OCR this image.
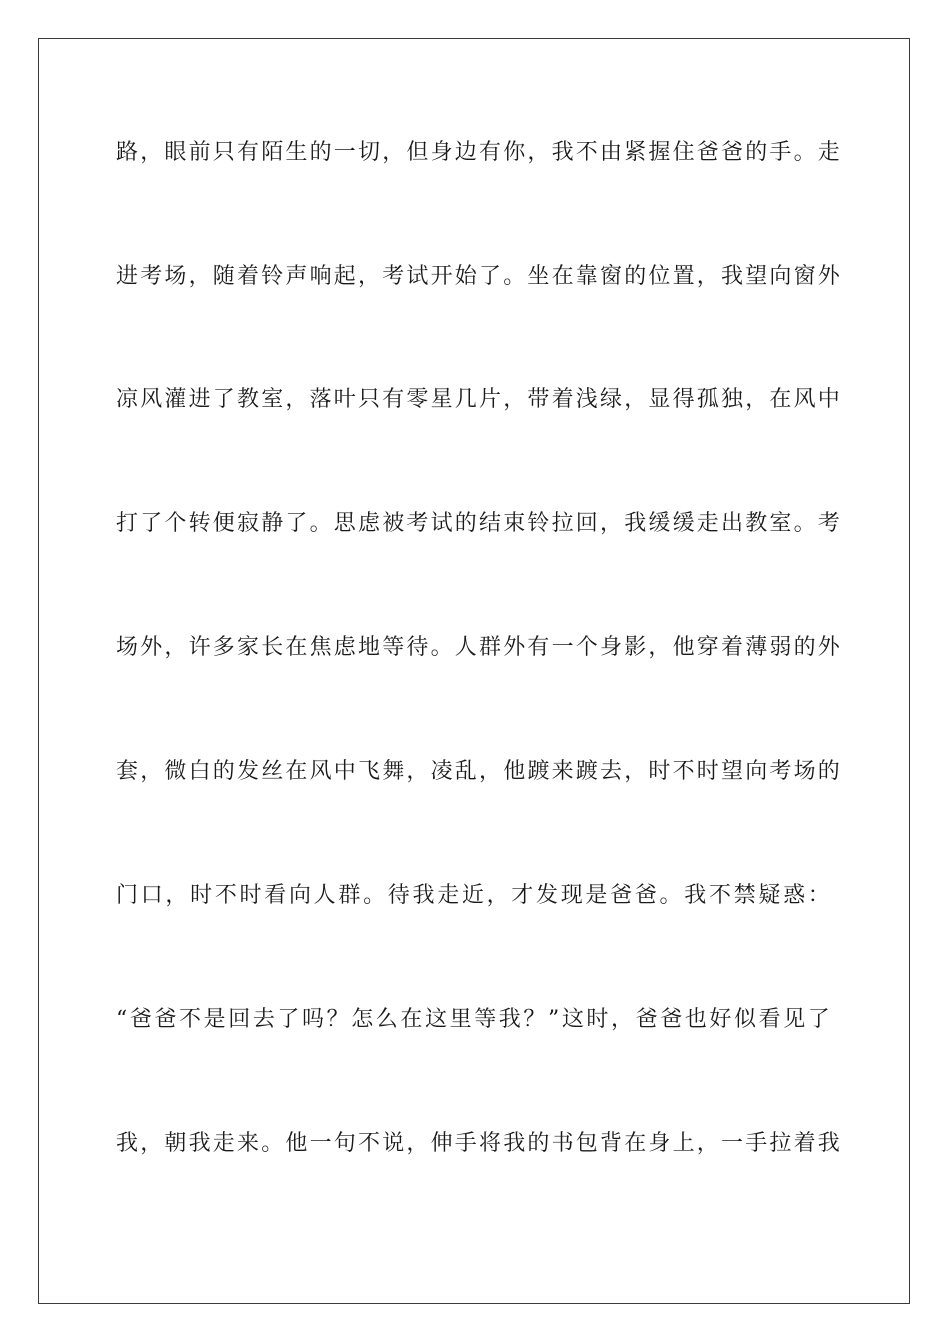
路，眼前只有陌生的一切，但身边有你，我不由紧握住爸爸的手。走
进考场，随着铃声响起，考试开始了。坐在靠窗的位置，我望向窗外
凉风灌进了教室，落叶只有零星几片，带着浅绿，显得孤独，在风中
打了个转便寂静了。思虑被考试的结束铃拉回，我缓缓走出教室。考
场外，许多家长在焦虑地等待。人群外有一个身影，他穿着薄弱的外
套，微白的发丝在风中飞舞，凌乱，他踱来踱去，时不时望向考场的
门口，时不时看向人群。待我走近，才发现是爸爸。我不禁疑惑：
“爸爸不是回去了吗？怎么在这里等我？”这时，爸爸也好似看见了
我，朝我走来。他一句不说，伸手将我的书包背在身上，一手拉着我
